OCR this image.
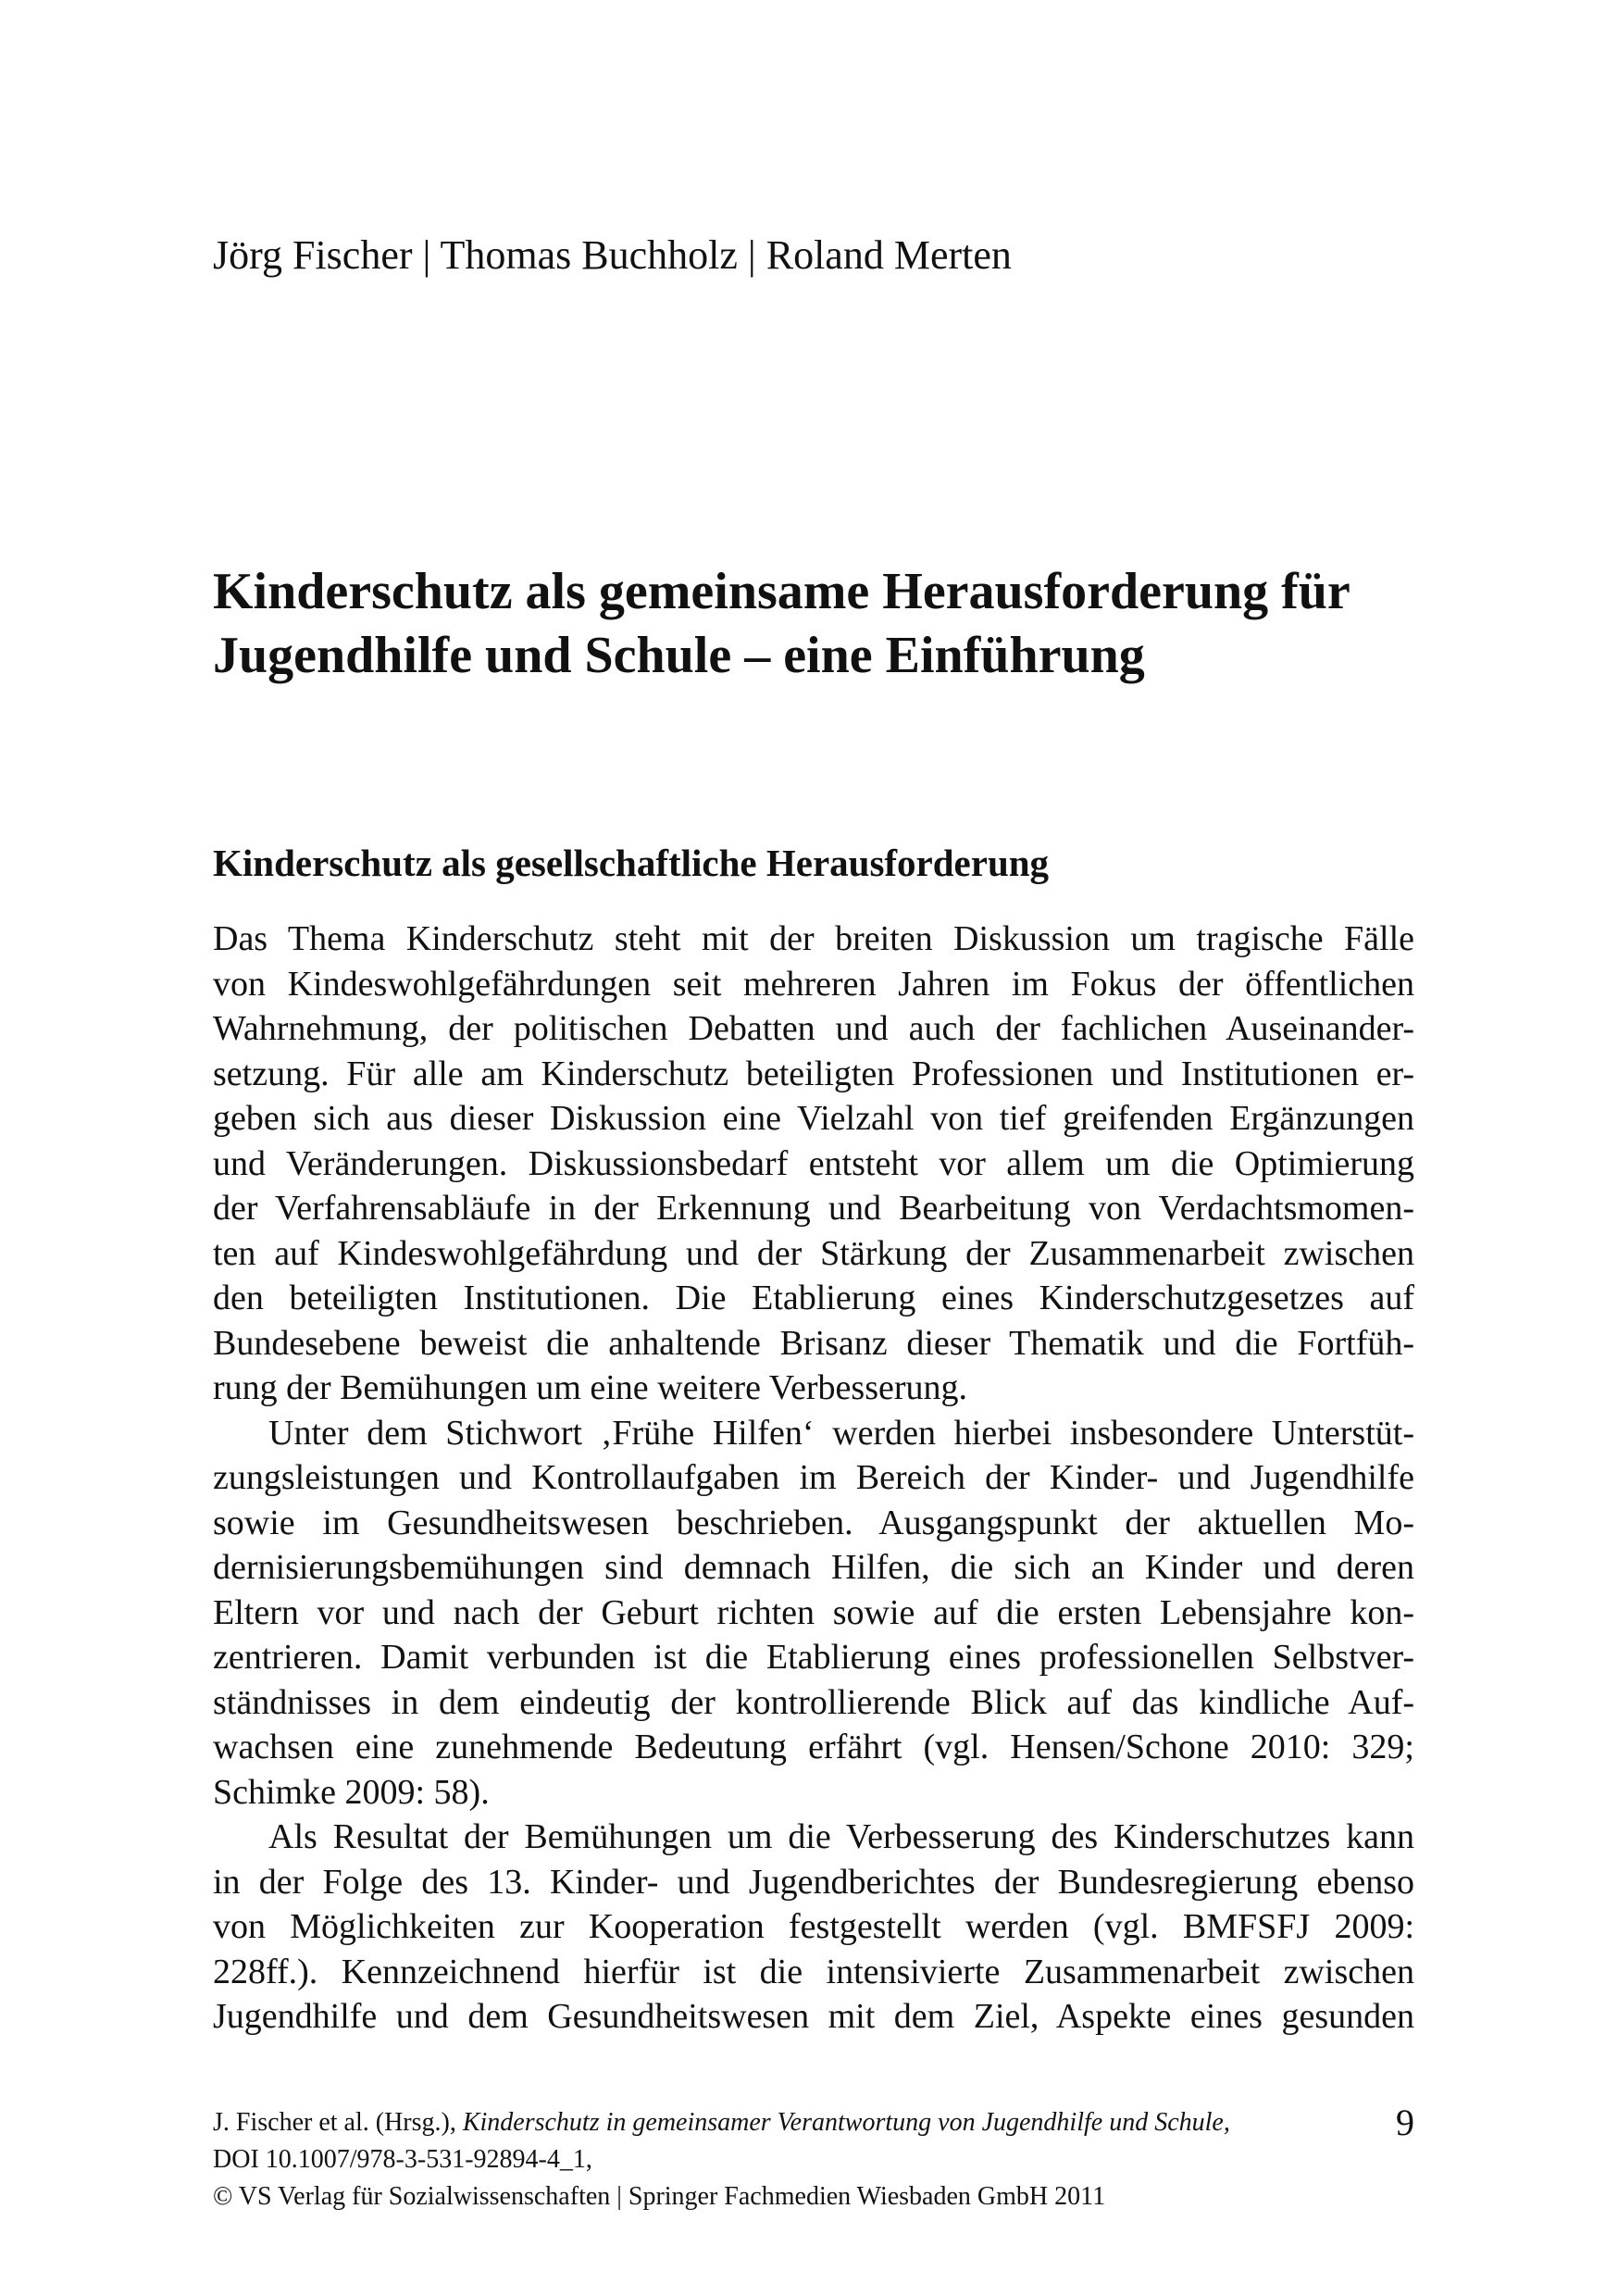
Jörg Fischer | Thomas Buchholz | Roland Merten
Kinderschutz als gemeinsame Herausforderung für
Jugendhilfe und Schule – eine Einführung
Kinderschutz als gesellschaftliche Herausforderung
Das Thema Kinderschutz steht mit der breiten Diskussion um tragische Fälle
von Kindeswohlgefährdungen seit mehreren Jahren im Fokus der öffentlichen
Wahrnehmung, der politischen Debatten und auch der fachlichen Auseinander-
setzung. Für alle am Kinderschutz beteiligten Professionen und Institutionen er-
geben sich aus dieser Diskussion eine Vielzahl von tief greifenden Ergänzungen
und Veränderungen. Diskussionsbedarf entsteht vor allem um die Optimierung
der Verfahrensabläufe in der Erkennung und Bearbeitung von Verdachtsmomen-
ten auf Kindeswohlgefährdung und der Stärkung der Zusammenarbeit zwischen
den beteiligten Institutionen. Die Etablierung eines Kinderschutzgesetzes auf
Bundesebene beweist die anhaltende Brisanz dieser Thematik und die Fortfüh-
rung der Bemühungen um eine weitere Verbesserung.
Unter dem Stichwort ‚Frühe Hilfen‘ werden hierbei insbesondere Unterstüt-
zungsleistungen und Kontrollaufgaben im Bereich der Kinder- und Jugendhilfe
sowie im Gesundheitswesen beschrieben. Ausgangspunkt der aktuellen Mo-
dernisierungsbemühungen sind demnach Hilfen, die sich an Kinder und deren
Eltern vor und nach der Geburt richten sowie auf die ersten Lebensjahre kon-
zentrieren. Damit verbunden ist die Etablierung eines professionellen Selbstver-
ständnisses in dem eindeutig der kontrollierende Blick auf das kindliche Auf-
wachsen eine zunehmende Bedeutung erfährt (vgl. Hensen/Schone 2010: 329;
Schimke 2009: 58).
Als Resultat der Bemühungen um die Verbesserung des Kinderschutzes kann
in der Folge des 13. Kinder- und Jugendberichtes der Bundesregierung ebenso
von Möglichkeiten zur Kooperation festgestellt werden (vgl. BMFSFJ 2009:
228ff.). Kennzeichnend hierfür ist die intensivierte Zusammenarbeit zwischen
Jugendhilfe und dem Gesundheitswesen mit dem Ziel, Aspekte eines gesunden
J. Fischer et al. (Hrsg.), Kinderschutz in gemeinsamer Verantwortung von Jugendhilfe und Schule,	9
DOI 10.1007/978-3-531-92894-4_1,
© VS Verlag für Sozialwissenschaften | Springer Fachmedien Wiesbaden GmbH 2011
